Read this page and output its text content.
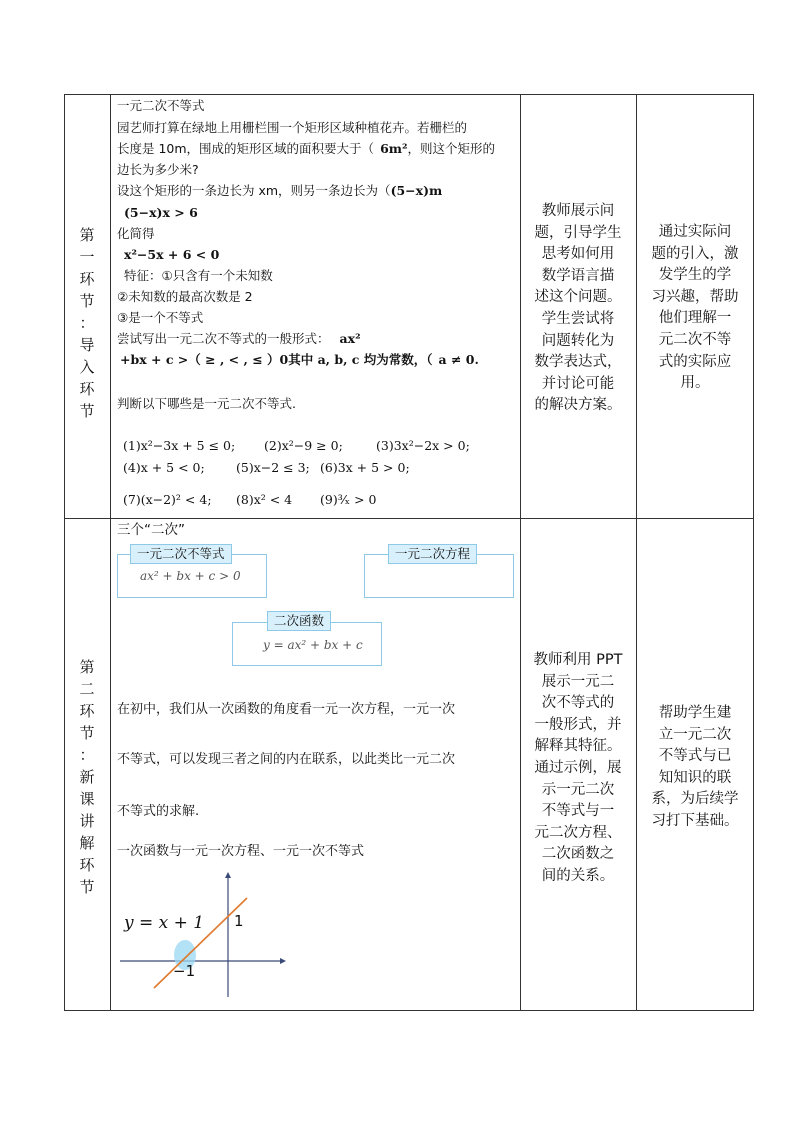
第
一
环
节
：
导
入
环
节
一元二次不等式
园艺师打算在绿地上用栅栏围一个矩形区域种植花卉。若栅栏的
长度是 10m，围成的矩形区域的面积要大于（ 6m²，则这个矩形的
边长为多少米?
设这个矩形的一条边长为 xm，则另一条边长为（(5−x)m
(5−x)x > 6
化简得
x²−5x + 6 < 0
特征：①只含有一个未知数
②未知数的最高次数是 2
③是一个不等式
尝试写出一元二次不等式的一般形式： ax²
+bx + c >（ ≥ , < , ≤ ）0其中 a, b, c 均为常数，（ a ≠ 0.
判断以下哪些是一元二次不等式.
(1)x²−3x + 5 ≤ 0; (2)x²−9 ≥ 0;	(3)3x²−2x > 0;
(4)x + 5 < 0;	(5)x−2 ≤ 3; (6)3x + 5 > 0;
(7)(x−2)² < 4; (8)x² < 4 (9)³⁄ₓ > 0
教师展示问
题，引导学生
思考如何用
数学语言描
述这个问题。
学生尝试将
问题转化为
数学表达式，
并讨论可能
的解决方案。
通过实际问
题的引入，激
发学生的学
习兴趣，帮助
他们理解一
元二次不等
式的实际应
用。
第
二
环
节
：
新
课
讲
解
环
节
三个“二次”
一元二次不等式
ax² + bx + c > 0
一元二次方程
二次函数
y = ax² + bx + c
在初中，我们从一次函数的角度看一元一次方程，一元一次
不等式，可以发现三者之间的内在联系，以此类比一元二次
不等式的求解.
一次函数与一元一次方程、一元一次不等式
y = x + 1 1
−1
教师利用 PPT
展示一元二
次不等式的
一般形式，并
解释其特征。
通过示例，展
示一元二次
不等式与一
元二次方程、
二次函数之
间的关系。
帮助学生建
立一元二次
不等式与已
知知识的联
系，为后续学
习打下基础。
